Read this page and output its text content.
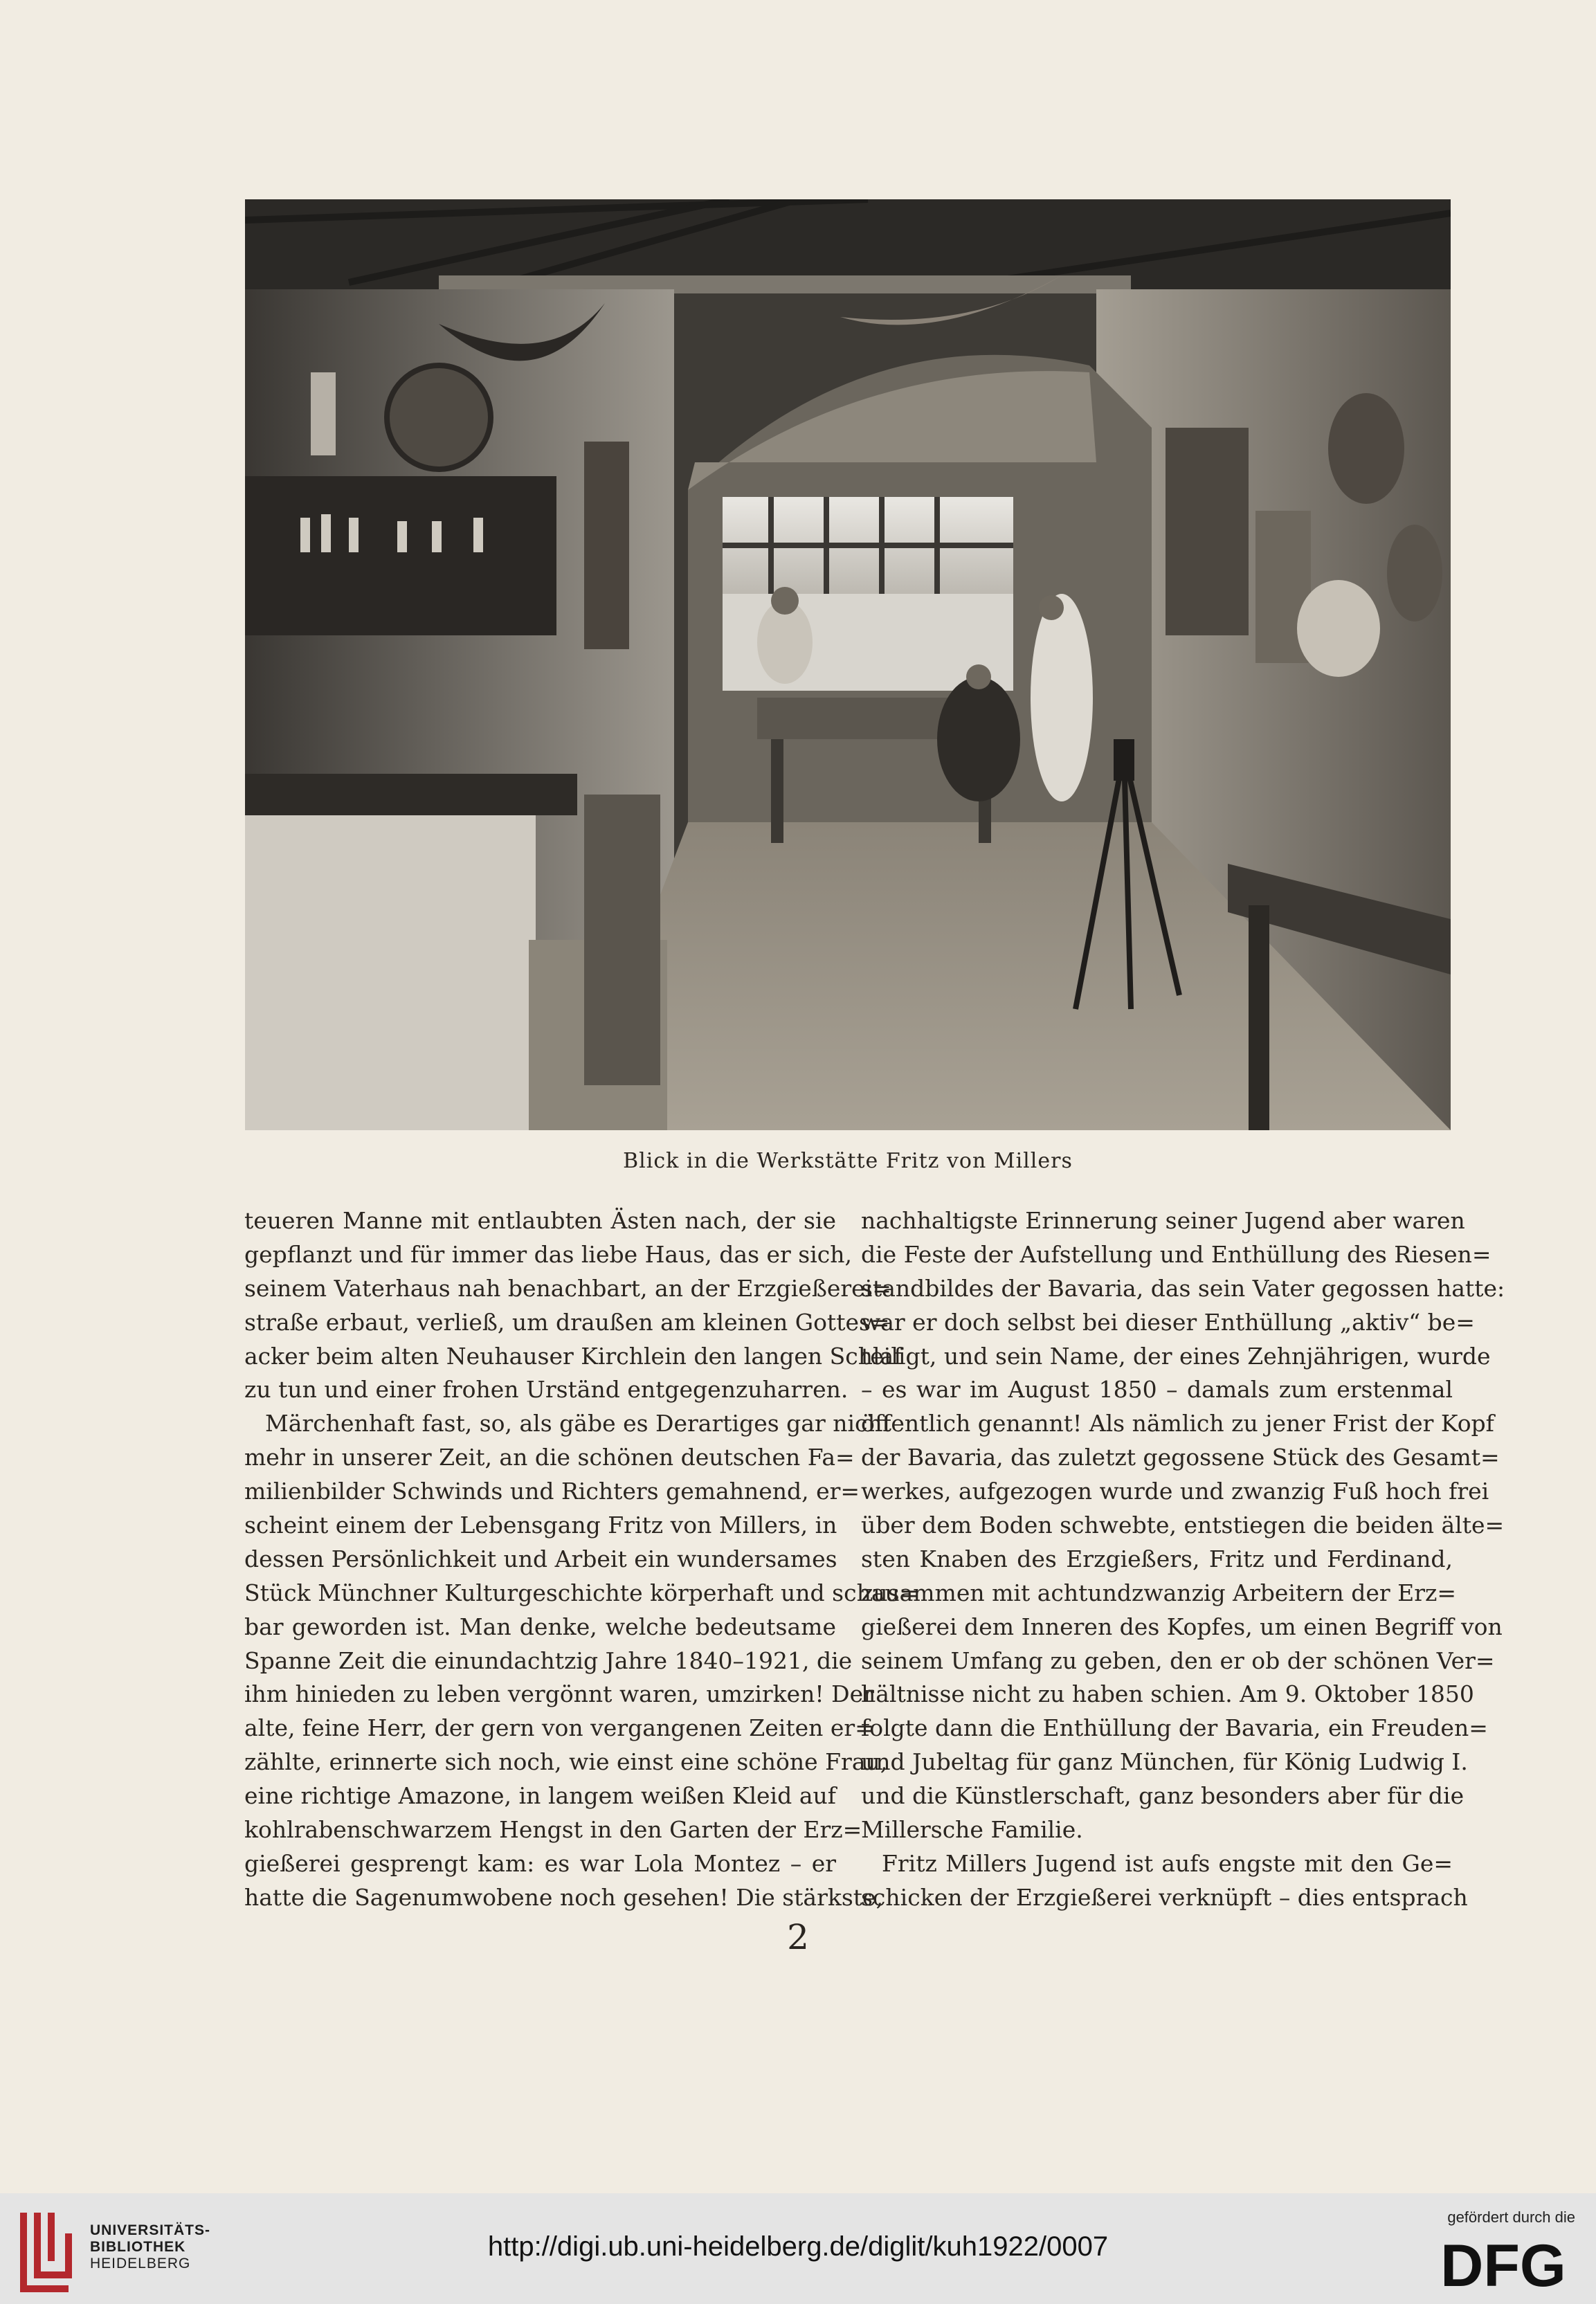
Blick in die Werkstätte Fritz von Millers
teueren Manne mit entlaubten Ästen nach, der sie
gepflanzt und für immer das liebe Haus, das er sich,
seinem Vaterhaus nah benachbart, an der Erzgießerei=
straße erbaut, verließ, um draußen am kleinen Gottes=
acker beim alten Neuhauser Kirchlein den langen Schlaf
zu tun und einer frohen Urständ entgegenzuharren.
Märchenhaft fast, so, als gäbe es Derartiges gar nicht
mehr in unserer Zeit, an die schönen deutschen Fa=
milienbilder Schwinds und Richters gemahnend, er=
scheint einem der Lebensgang Fritz von Millers, in
dessen Persönlichkeit und Arbeit ein wundersames
Stück Münchner Kulturgeschichte körperhaft und schau=
bar geworden ist. Man denke, welche bedeutsame
Spanne Zeit die einundachtzig Jahre 1840–1921, die
ihm hinieden zu leben vergönnt waren, umzirken! Der
alte, feine Herr, der gern von vergangenen Zeiten er=
zählte, erinnerte sich noch, wie einst eine schöne Frau,
eine richtige Amazone, in langem weißen Kleid auf
kohlrabenschwarzem Hengst in den Garten der Erz=
gießerei gesprengt kam: es war Lola Montez – er
hatte die Sagenumwobene noch gesehen! Die stärkste,
nachhaltigste Erinnerung seiner Jugend aber waren
die Feste der Aufstellung und Enthüllung des Riesen=
standbildes der Bavaria, das sein Vater gegossen hatte:
war er doch selbst bei dieser Enthüllung „aktiv“ be=
teiligt, und sein Name, der eines Zehnjährigen, wurde
– es war im August 1850 – damals zum erstenmal
öffentlich genannt! Als nämlich zu jener Frist der Kopf
der Bavaria, das zuletzt gegossene Stück des Gesamt=
werkes, aufgezogen wurde und zwanzig Fuß hoch frei
über dem Boden schwebte, entstiegen die beiden älte=
sten Knaben des Erzgießers, Fritz und Ferdinand,
zusammen mit achtundzwanzig Arbeitern der Erz=
gießerei dem Inneren des Kopfes, um einen Begriff von
seinem Umfang zu geben, den er ob der schönen Ver=
hältnisse nicht zu haben schien. Am 9. Oktober 1850
folgte dann die Enthüllung der Bavaria, ein Freuden=
und Jubeltag für ganz München, für König Ludwig I.
und die Künstlerschaft, ganz besonders aber für die
Millersche Familie.
Fritz Millers Jugend ist aufs engste mit den Ge=
schicken der Erzgießerei verknüpft – dies entsprach
2
UNIVERSITÄTS-
BIBLIOTHEK
HEIDELBERG
http://digi.ub.uni-heidelberg.de/diglit/kuh1922/0007
gefördert durch die
DFG
